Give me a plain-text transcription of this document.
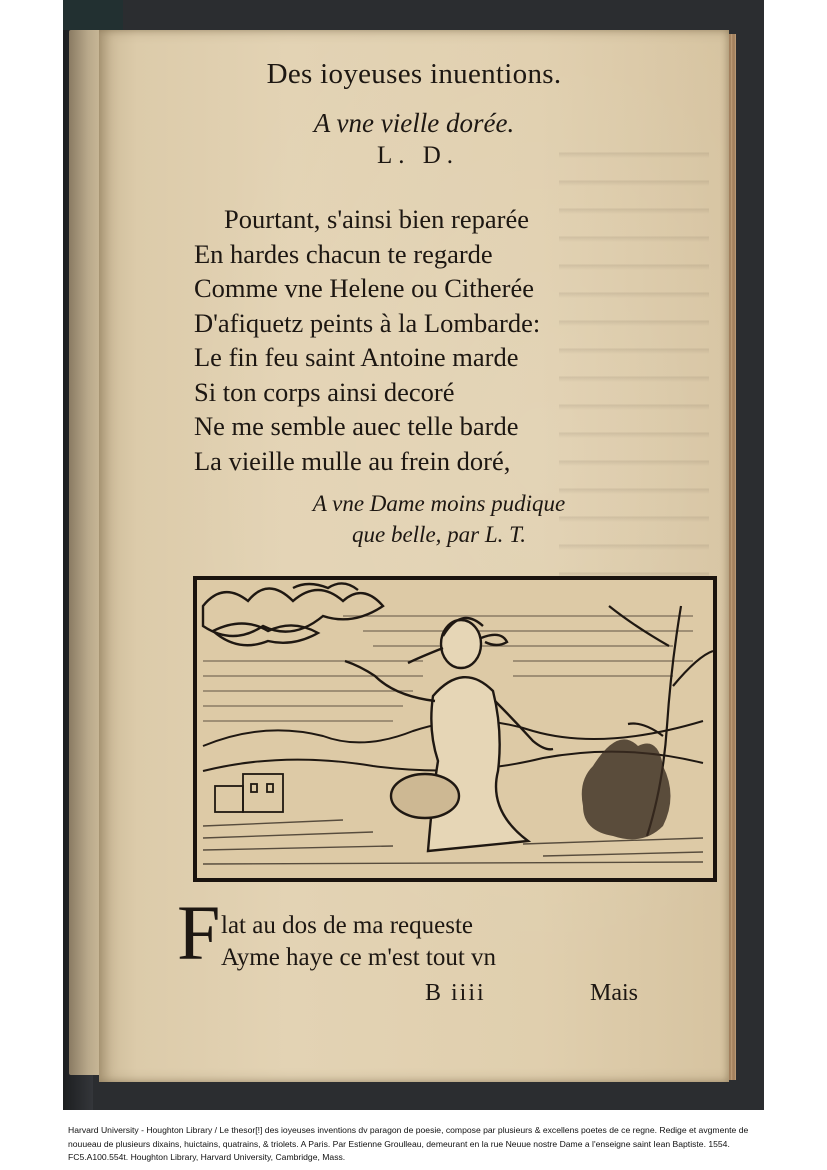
Des ioyeuses inuentions.
A vne vielle dorée.
L. D.
Pourtant, s'ainsi bien reparée
En hardes chacun te regarde
Comme vne Helene ou Citherée
D'afiquetz peints à la Lombarde:
Le fin feu saint Antoine marde
Si ton corps ainsi decoré
Ne me semble auec telle barde
La vieille mulle au frein doré,
A vne Dame moins pudique
que belle, par L. T.
F lat au dos de ma requeste
Ayme haye ce m'est tout vn
B iiii	Mais
Harvard University - Houghton Library / Le thesor[!] des ioyeuses inventions dv paragon de poesie, compose par plusieurs & excellens poetes de ce regne. Redige et avgmente de nouueau de plusieurs dixains, huictains, quatrains, & triolets. A Paris. Par Estienne Groulleau, demeurant en la rue Neuue nostre Dame a l'enseigne saint Iean Baptiste. 1554. FC5.A100.554t. Houghton Library, Harvard University, Cambridge, Mass.
